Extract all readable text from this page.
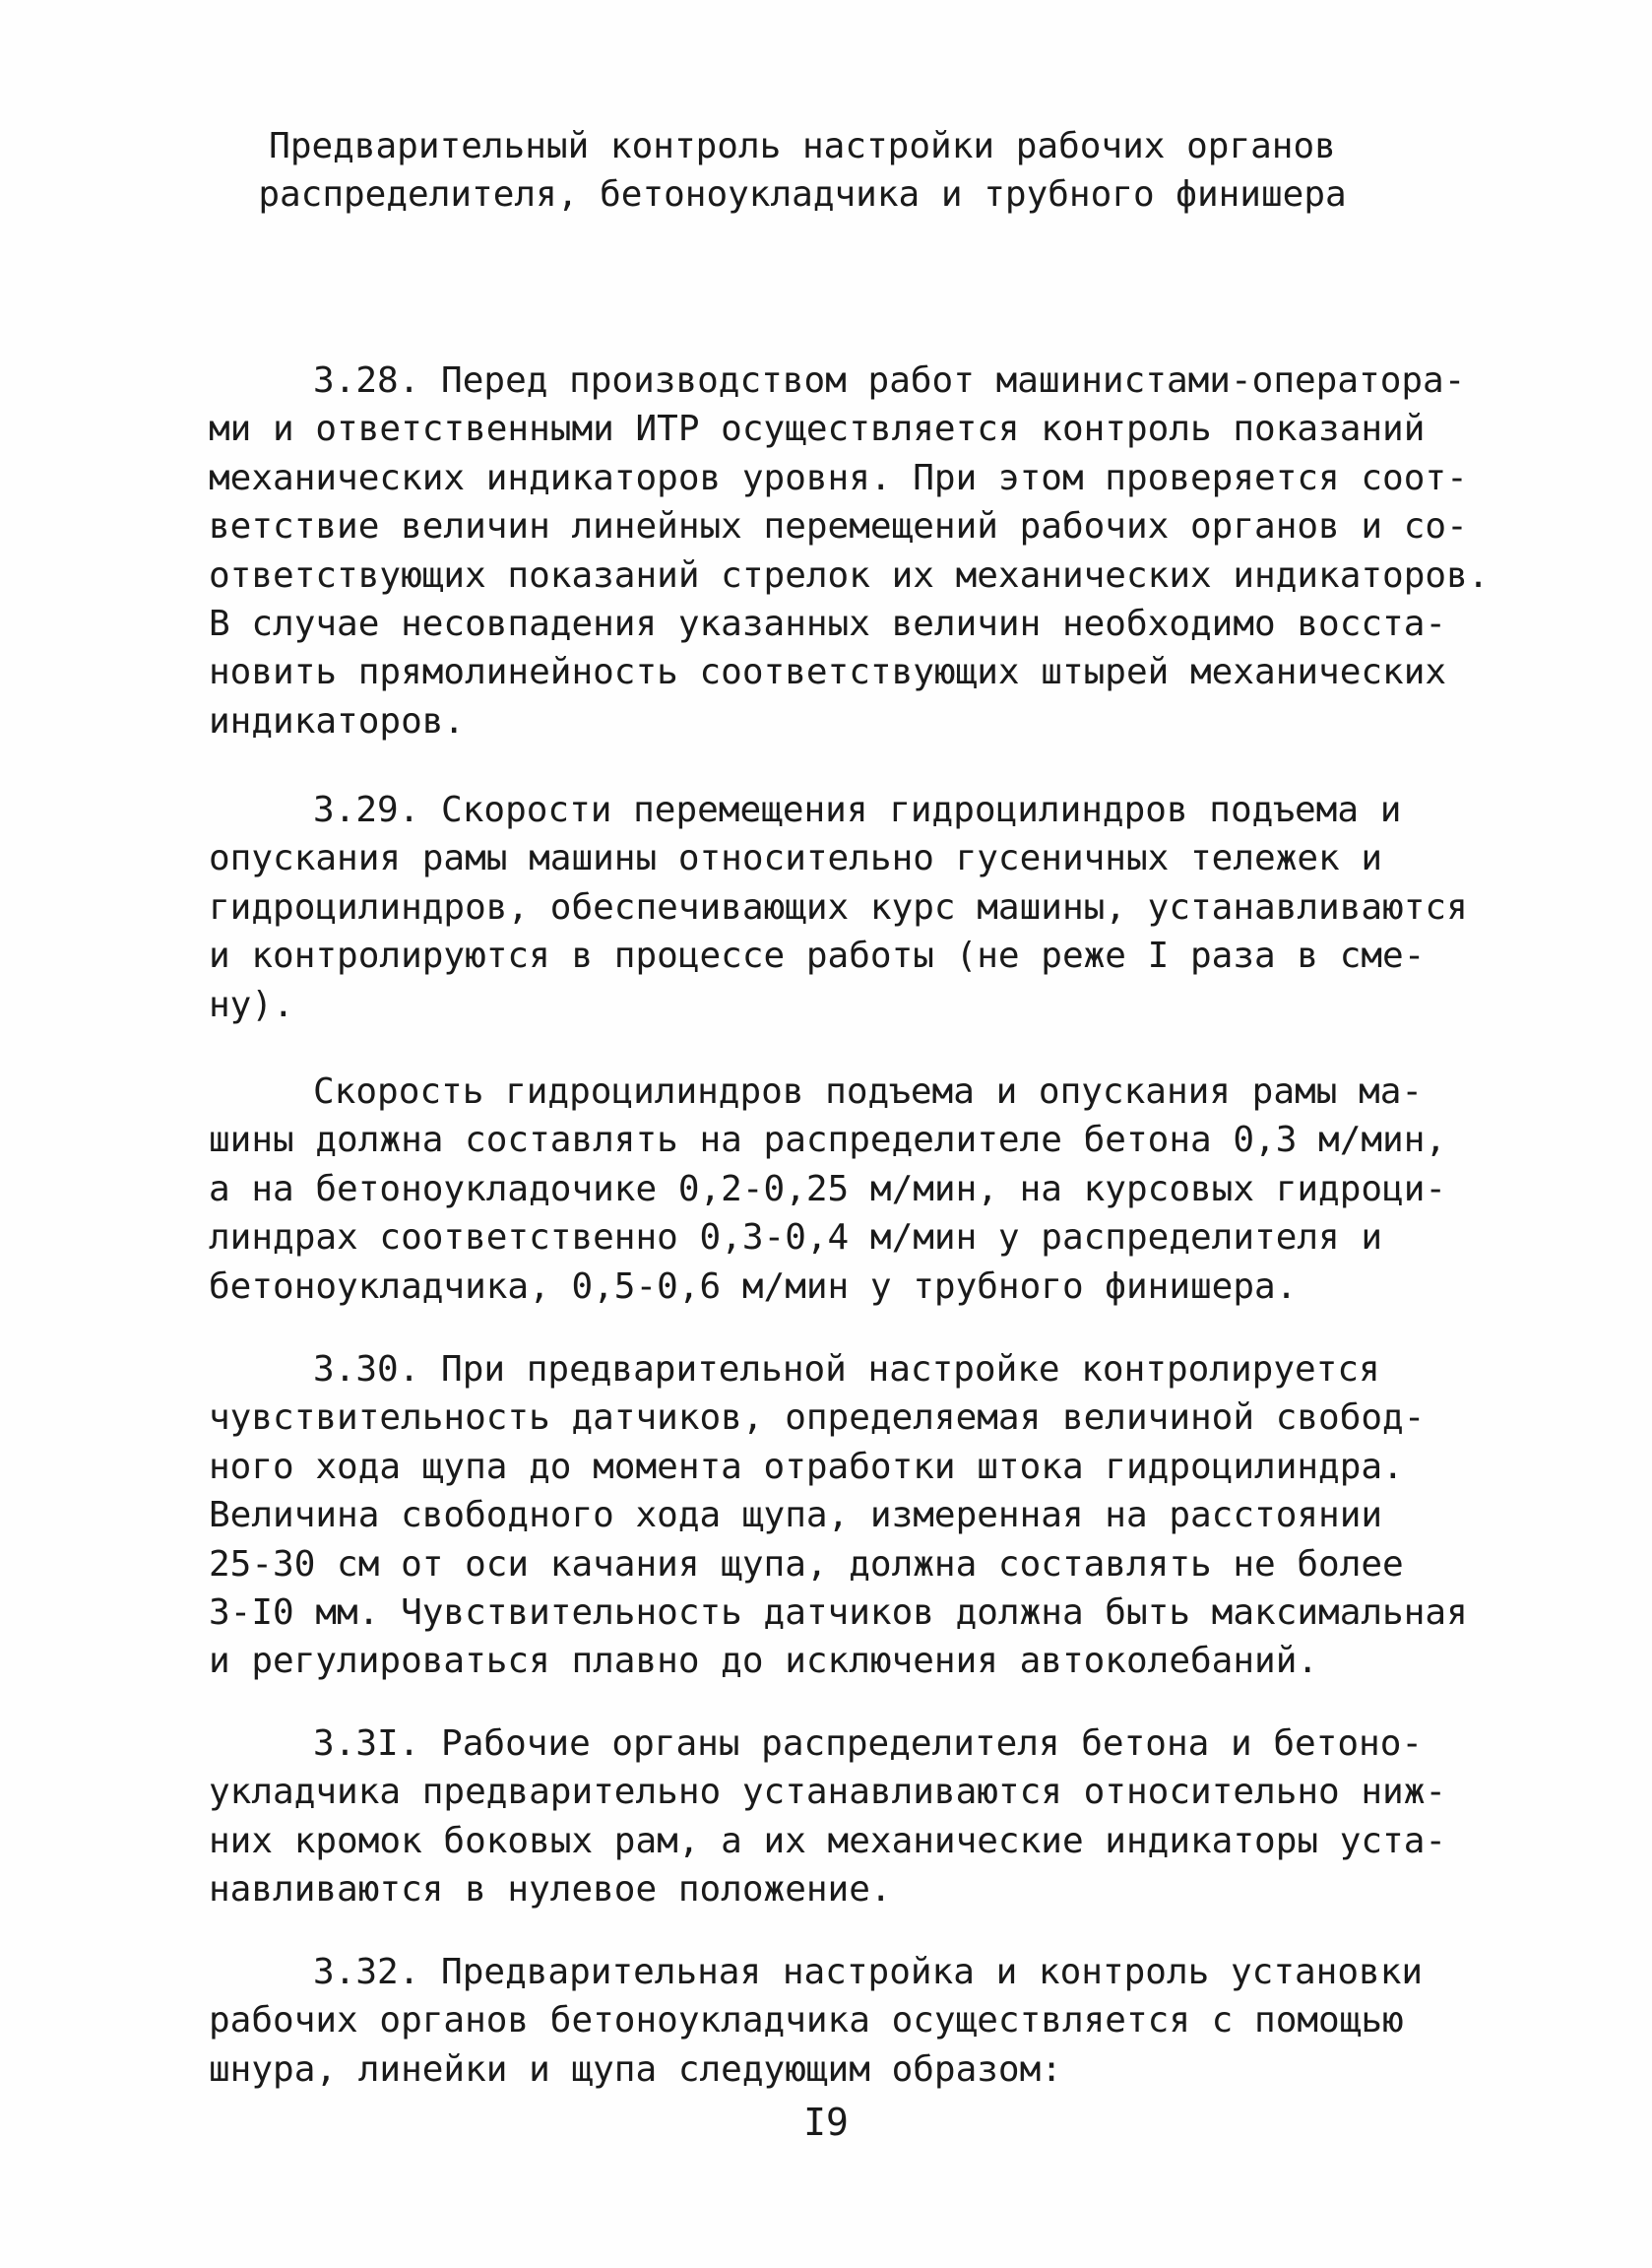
Предварительный контроль настройки рабочих органов
распределителя, бетоноукладчика и трубного финишера
3.28. Перед производством работ машинистами-оператора-
ми и ответственными ИТР осуществляется контроль показаний
механических индикаторов уровня. При этом проверяется соот-
ветствие величин линейных перемещений рабочих органов и со-
ответствующих показаний стрелок их механических индикаторов.
В случае несовпадения указанных величин необходимо восста-
новить прямолинейность соответствующих штырей механических
индикаторов.
3.29. Скорости перемещения гидроцилиндров подъема и
опускания рамы машины относительно гусеничных тележек и
гидроцилиндров, обеспечивающих курс машины, устанавливаются
и контролируются в процессе работы (не реже I раза в сме-
ну).
Скорость гидроцилиндров подъема и опускания рамы ма-
шины должна составлять на распределителе бетона 0,3 м/мин,
а на бетоноукладочике 0,2-0,25 м/мин, на курсовых гидроци-
линдрах соответственно 0,3-0,4 м/мин у распределителя и
бетоноукладчика, 0,5-0,6 м/мин у трубного финишера.
3.30. При предварительной настройке контролируется
чувствительность датчиков, определяемая величиной свобод-
ного хода щупа до момента отработки штока гидроцилиндра.
Величина свободного хода щупа, измеренная на расстоянии
25-30 см от оси качания щупа, должна составлять не более
3-I0 мм. Чувствительность датчиков должна быть максимальная
и регулироваться плавно до исключения автоколебаний.
3.3I. Рабочие органы распределителя бетона и бетоно-
укладчика предварительно устанавливаются относительно ниж-
них кромок боковых рам, а их механические индикаторы уста-
навливаются в нулевое положение.
3.32. Предварительная настройка и контроль установки
рабочих органов бетоноукладчика осуществляется с помощью
шнура, линейки и щупа следующим образом:
I9
